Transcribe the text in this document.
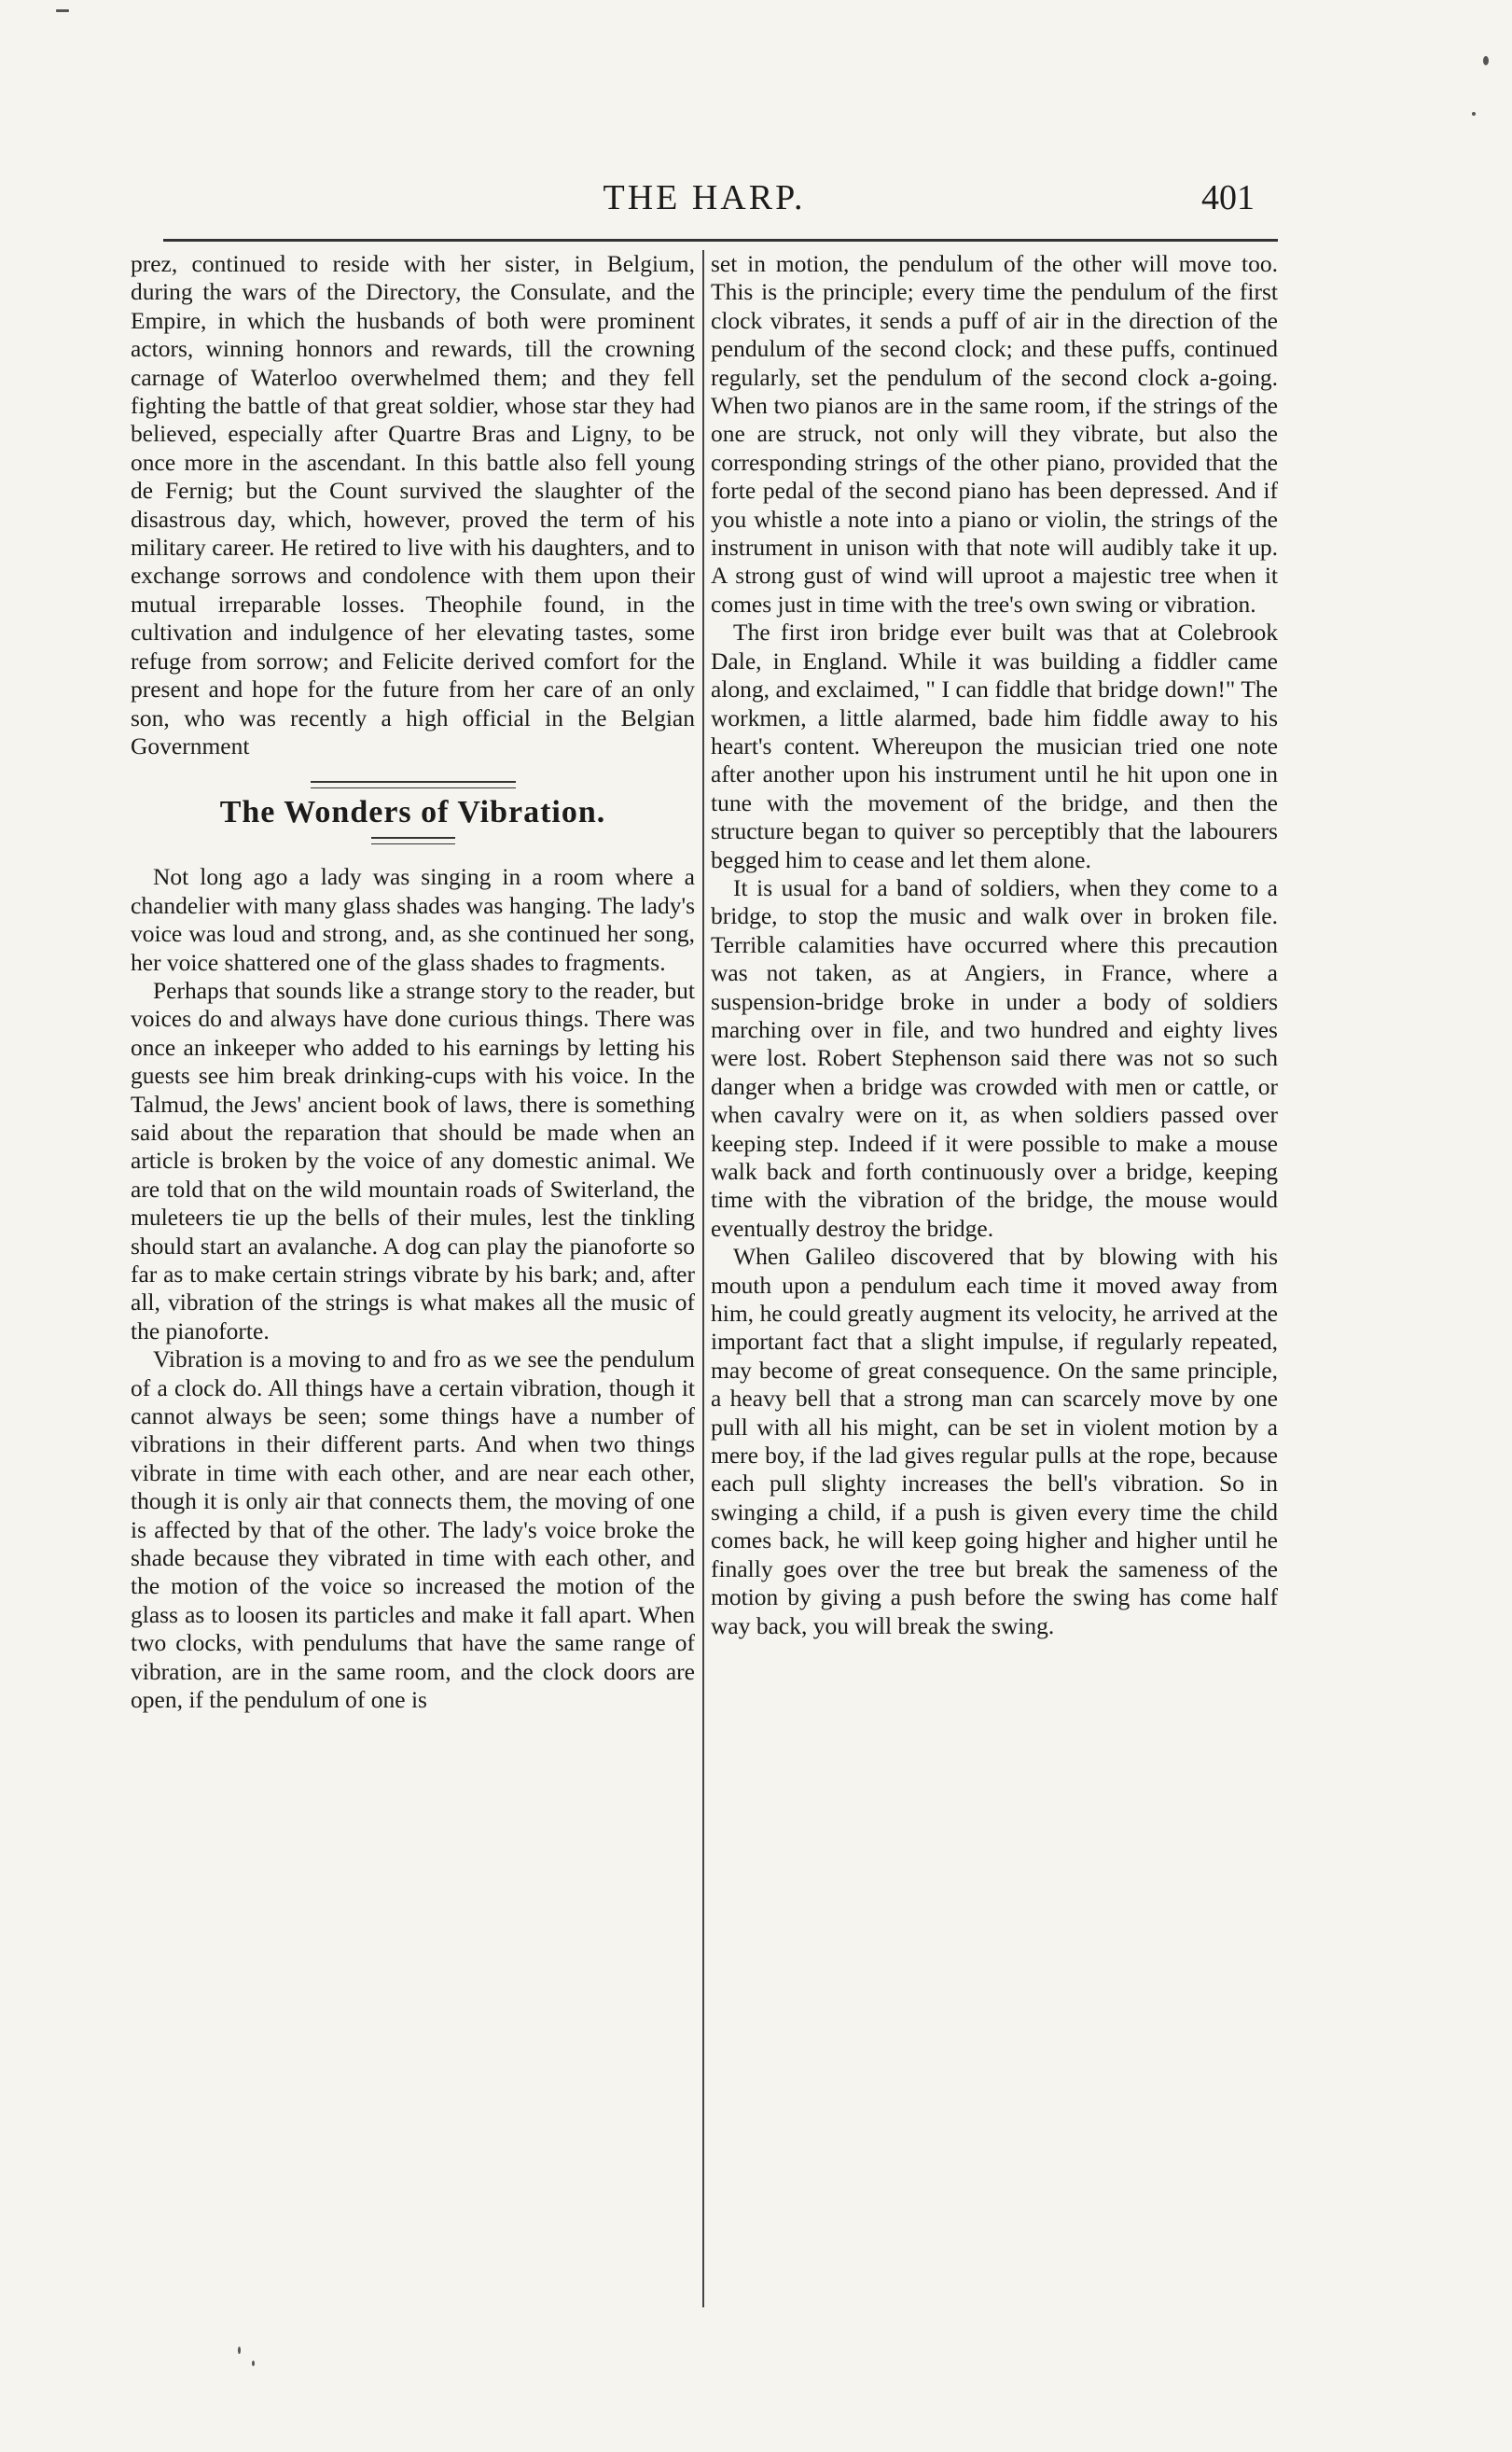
THE HARP.	401

prez, continued to reside with her sister, in Belgium, during the wars of the Directory, the Consulate, and the Empire, in which the husbands of both were prominent actors, winning honnors and rewards, till the crowning carnage of Waterloo overwhelmed them; and they fell fighting the battle of that great soldier, whose star they had believed, especially after Quartre Bras and Ligny, to be once more in the ascendant. In this battle also fell young de Fernig; but the Count survived the slaughter of the disastrous day, which, however, proved the term of his military career. He retired to live with his daughters, and to exchange sorrows and condolence with them upon their mutual irreparable losses. Theophile found, in the cultivation and indulgence of her elevating tastes, some refuge from sorrow; and Felicite derived comfort for the present and hope for the future from her care of an only son, who was recently a high official in the Belgian Government

The Wonders of Vibration.

Not long ago a lady was singing in a room where a chandelier with many glass shades was hanging. The lady's voice was loud and strong, and, as she continued her song, her voice shattered one of the glass shades to fragments.

Perhaps that sounds like a strange story to the reader, but voices do and always have done curious things. There was once an inkeeper who added to his earnings by letting his guests see him break drinking-cups with his voice. In the Talmud, the Jews' ancient book of laws, there is something said about the reparation that should be made when an article is broken by the voice of any domestic animal. We are told that on the wild mountain roads of Switerland, the muleteers tie up the bells of their mules, lest the tinkling should start an avalanche. A dog can play the pianoforte so far as to make certain strings vibrate by his bark; and, after all, vibration of the strings is what makes all the music of the pianoforte.

Vibration is a moving to and fro as we see the pendulum of a clock do. All things have a certain vibration, though it cannot always be seen; some things have a number of vibrations in their different parts. And when two things vibrate in time with each other, and are near each other, though it is only air that connects them, the moving of one is affected by that of the other. The lady's voice broke the shade because they vibrated in time with each other, and the motion of the voice so increased the motion of the glass as to loosen its particles and make it fall apart. When two clocks, with pendulums that have the same range of vibration, are in the same room, and the clock doors are open, if the pendulum of one is

set in motion, the pendulum of the other will move too. This is the principle; every time the pendulum of the first clock vibrates, it sends a puff of air in the direction of the pendulum of the second clock; and these puffs, continued regularly, set the pendulum of the second clock a-going. When two pianos are in the same room, if the strings of the one are struck, not only will they vibrate, but also the corresponding strings of the other piano, provided that the forte pedal of the second piano has been depressed. And if you whistle a note into a piano or violin, the strings of the instrument in unison with that note will audibly take it up. A strong gust of wind will uproot a majestic tree when it comes just in time with the tree's own swing or vibration.

The first iron bridge ever built was that at Colebrook Dale, in England. While it was building a fiddler came along, and exclaimed, " I can fiddle that bridge down!" The workmen, a little alarmed, bade him fiddle away to his heart's content. Whereupon the musician tried one note after another upon his instrument until he hit upon one in tune with the movement of the bridge, and then the structure began to quiver so perceptibly that the labourers begged him to cease and let them alone.

It is usual for a band of soldiers, when they come to a bridge, to stop the music and walk over in broken file. Terrible calamities have occurred where this precaution was not taken, as at Angiers, in France, where a suspension-bridge broke in under a body of soldiers marching over in file, and two hundred and eighty lives were lost. Robert Stephenson said there was not so such danger when a bridge was crowded with men or cattle, or when cavalry were on it, as when soldiers passed over keeping step. Indeed if it were possible to make a mouse walk back and forth continuously over a bridge, keeping time with the vibration of the bridge, the mouse would eventually destroy the bridge.

When Galileo discovered that by blowing with his mouth upon a pendulum each time it moved away from him, he could greatly augment its velocity, he arrived at the important fact that a slight impulse, if regularly repeated, may become of great consequence. On the same principle, a heavy bell that a strong man can scarcely move by one pull with all his might, can be set in violent motion by a mere boy, if the lad gives regular pulls at the rope, because each pull slighty increases the bell's vibration. So in swinging a child, if a push is given every time the child comes back, he will keep going higher and higher until he finally goes over the tree but break the sameness of the motion by giving a push before the swing has come half way back, you will break the swing.
